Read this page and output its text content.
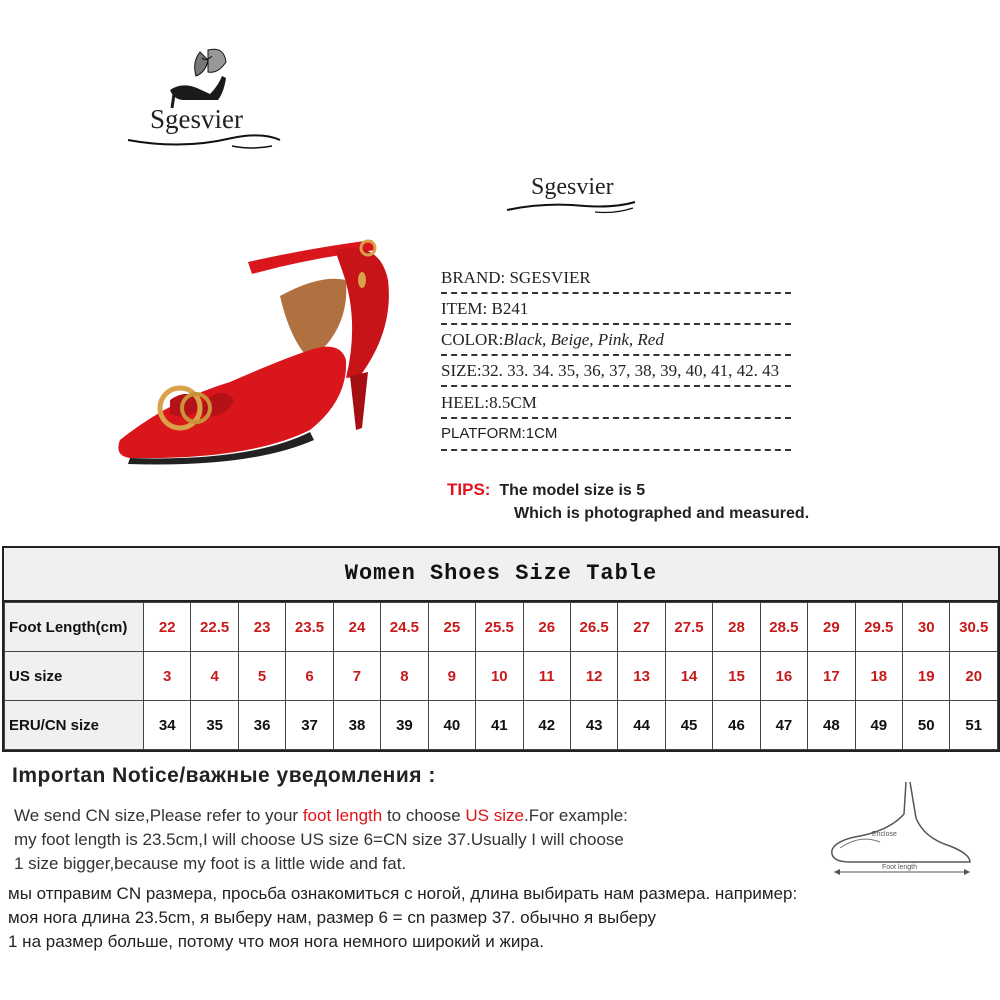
Sgesvier
Sgesvier
BRAND: SGESVIER
ITEM: B241
COLOR:Black, Beige, Pink, Red
SIZE:32. 33. 34. 35, 36, 37, 38, 39, 40, 41, 42. 43
HEEL:8.5CM
PLATFORM:1CM
TIPS: The model size is 5
Which is photographed and measured.
Women Shoes Size Table
Foot Length(cm)	22	22.5	23	23.5	24	24.5	25	25.5	26	26.5	27	27.5	28	28.5	29	29.5	30	30.5
US size	3	4	5	6	7	8	9	10	11	12	13	14	15	16	17	18	19	20
ERU/CN size	34	35	36	37	38	39	40	41	42	43	44	45	46	47	48	49	50	51
Importan Notice/важные уведомления :
We send CN size,Please refer to your foot length to choose US size.For example:
my foot length is 23.5cm,I will choose US size 6=CN size 37.Usually I will choose
1 size bigger,because my foot is a little wide and fat.
мы отправим CN размера, просьба ознакомиться с ногой, длина выбирать нам размера. например:
моя нога длина 23.5cm, я выберу нам, размер 6 = cn размер 37. обычно я выберу
1 на размер больше, потому что моя нога немного широкий и жира.
Enclose
Foot length
